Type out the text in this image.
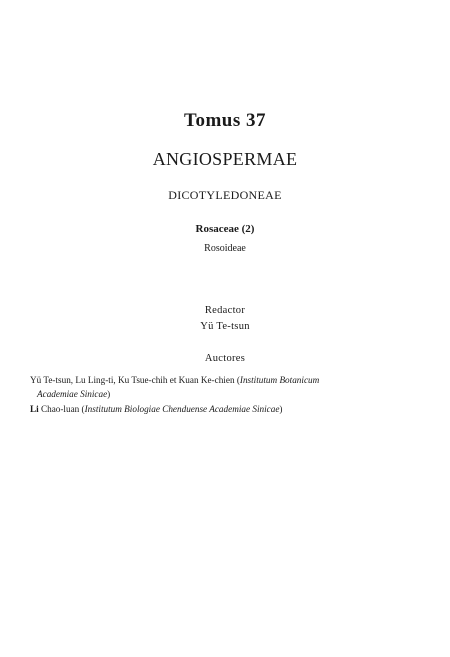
Tomus 37
ANGIOSPERMAE
DICOTYLEDONEAE
Rosaceae (2)
Rosoideae
Redactor
Yü Te-tsun
Auctores
Yü Te-tsun, Lu Ling-ti, Ku Tsue-chih et Kuan Ke-chien (Institutum Botanicum
Academiae Sinicae)
Li Chao-luan (Institutum Biologiae Chenduense Academiae Sinicae)
